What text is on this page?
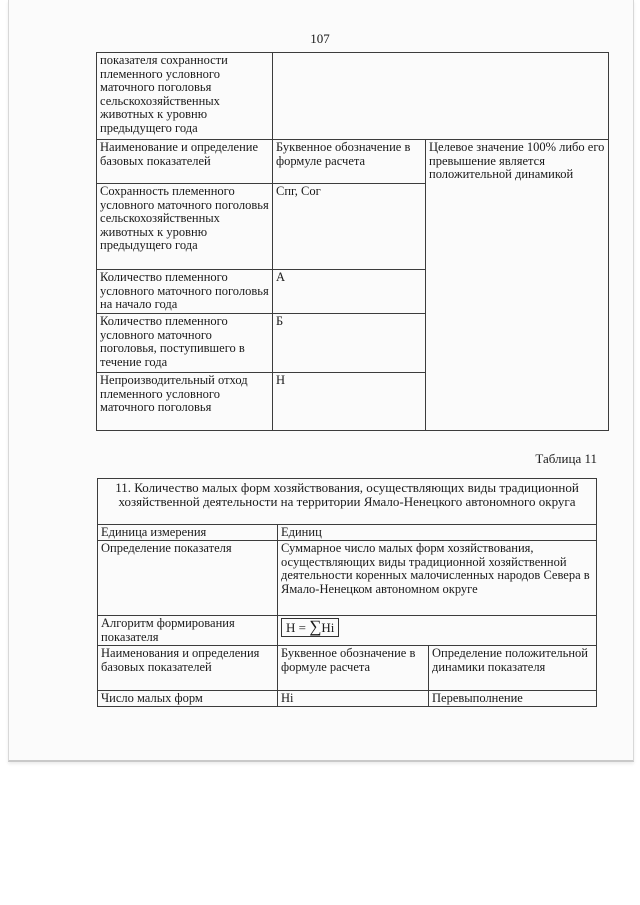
107
показателя сохранности племенного условного маточного поголовья сельскохозяйственных животных к уровню предыдущего года		
Наименование и определение базовых показателей	Буквенное обозначение в формуле расчета	Целевое значение 100% либо его превышение является положительной динамикой
Сохранность племенного условного маточного поголовья сельскохозяйственных животных к уровню предыдущего года	Спг, Сог	
Количество племенного условного маточного поголовья на начало года	А	
Количество племенного условного маточного поголовья, поступившего в течение года	Б	
Непроизводительный отход племенного условного маточного поголовья	Н	
Таблица 11
11. Количество малых форм хозяйствования, осуществляющих виды традиционной хозяйственной деятельности на территории Ямало-Ненецкого автономного округа		
Единица измерения	Единиц	
Определение показателя	Суммарное число малых форм хозяйствования, осуществляющих виды традиционной хозяйственной деятельности коренных малочисленных народов Севера в Ямало-Ненецком автономном округе	
Алгоритм формирования показателя	Н = ∑Hi	
Наименования и определения базовых показателей	Буквенное обозначение в формуле расчета	Определение положительной динамики показателя
Число малых форм	Hi	Перевыполнение
